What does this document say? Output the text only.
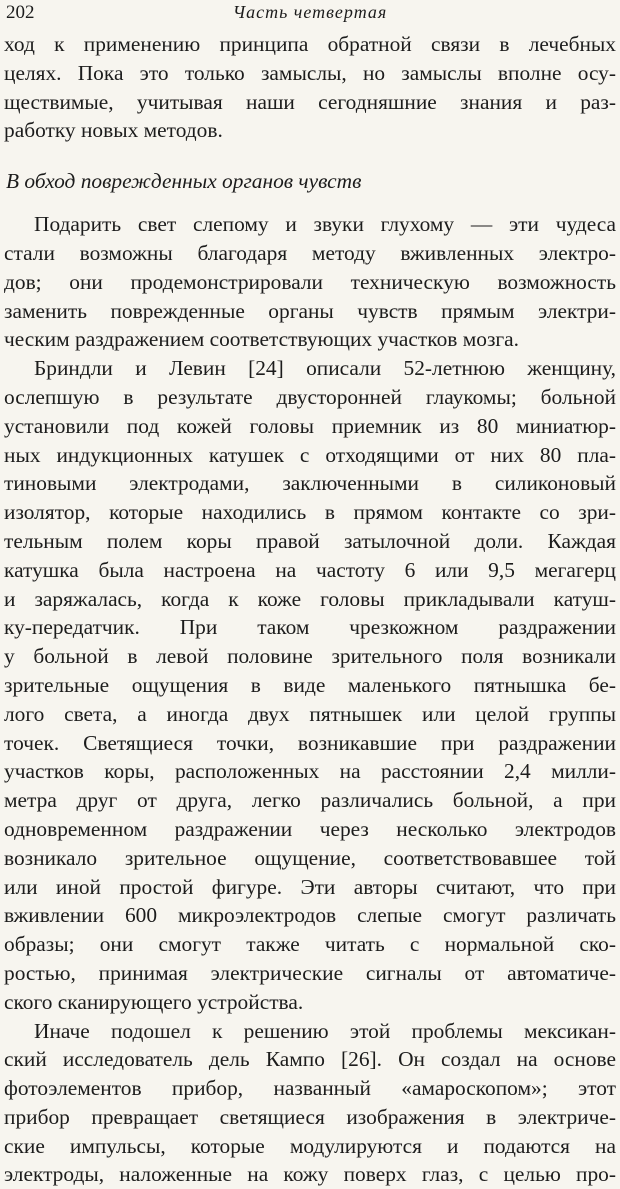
202	Часть четвертая
ход к применению принципа обратной связи в лечебных
целях. Пока это только замыслы, но замыслы вполне осу-
ществимые, учитывая наши сегодняшние знания и раз-
работку новых методов.
В обход поврежденных органов чувств
Подарить свет слепому и звуки глухому — эти чудеса
стали возможны благодаря методу вживленных электро-
дов; они продемонстрировали техническую возможность
заменить поврежденные органы чувств прямым электри-
ческим раздражением соответствующих участков мозга.
Бриндли и Левин [24] описали 52-летнюю женщину,
ослепшую в результате двусторонней глаукомы; больной
установили под кожей головы приемник из 80 миниатюр-
ных индукционных катушек с отходящими от них 80 пла-
тиновыми электродами, заключенными в силиконовый
изолятор, которые находились в прямом контакте со зри-
тельным полем коры правой затылочной доли. Каждая
катушка была настроена на частоту 6 или 9,5 мегагерц
и заряжалась, когда к коже головы прикладывали катуш-
ку-передатчик. При таком чрезкожном раздражении
у больной в левой половине зрительного поля возникали
зрительные ощущения в виде маленького пятнышка бе-
лого света, а иногда двух пятнышек или целой группы
точек. Светящиеся точки, возникавшие при раздражении
участков коры, расположенных на расстоянии 2,4 милли-
метра друг от друга, легко различались больной, а при
одновременном раздражении через несколько электродов
возникало зрительное ощущение, соответствовавшее той
или иной простой фигуре. Эти авторы считают, что при
вживлении 600 микроэлектродов слепые смогут различать
образы; они смогут также читать с нормальной ско-
ростью, принимая электрические сигналы от автоматиче-
ского сканирующего устройства.
Иначе подошел к решению этой проблемы мексикан-
ский исследователь дель Кампо [26]. Он создал на основе
фотоэлементов прибор, названный «амароскопом»; этот
прибор превращает светящиеся изображения в электриче-
ские импульсы, которые модулируются и подаются на
электроды, наложенные на кожу поверх глаз, с целью про-
